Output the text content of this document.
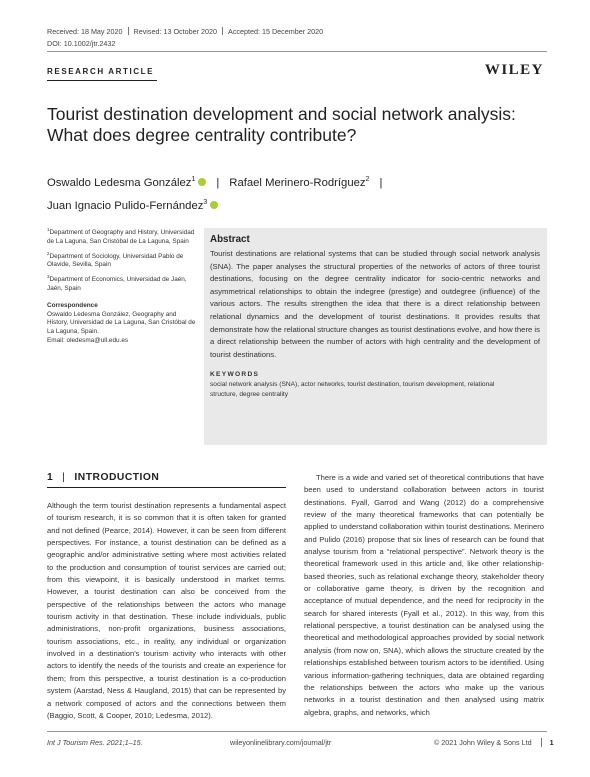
Received: 18 May 2020 Revised: 13 October 2020 Accepted: 15 December 2020
DOI: 10.1002/jtr.2432
RESEARCH ARTICLE	WILEY
Tourist destination development and social network analysis: What does degree centrality contribute?
Oswaldo Ledesma González$^1$ | Rafael Merinero-Rodríguez$^2$ |
Juan Ignacio Pulido-Fernández$^3$

$^1$Department of Geography and History, Universidad de La Laguna, San Cristóbal de La Laguna, Spain

$^2$Department of Sociology, Universidad Pablo de Olavide, Sevilla, Spain

$^3$Department of Economics, Universidad de Jaén, Jaén, Spain

Correspondence

Oswaldo Ledesma González, Geography and History, Universidad de La Laguna, San Cristóbal de La Laguna, Spain.
Email: oledesma@ull.edu.es

Abstract

Tourist destinations are relational systems that can be studied through social network analysis (SNA). The paper analyses the structural properties of the networks of actors of three tourist destinations, focusing on the degree centrality indicator for socio-centric networks and asymmetrical relationships to obtain the indegree (prestige) and outdegree (influence) of the various actors. The results strengthen the idea that there is a direct relationship between relational dynamics and the development of tourist destinations. It provides results that demonstrate how the relational structure changes as tourist destinations evolve, and how there is a direct relationship between the number of actors with high centrality and the development of tourist destinations.

KEYWORDS
social network analysis (SNA), actor networks, tourist destination, tourism development, relational structure, degree centrality
1 | INTRODUCTION

Although the term tourist destination represents a fundamental aspect of tourism research, it is so common that it is often taken for granted and not defined (Pearce, 2014). However, it can be seen from different perspectives. For instance, a tourist destination can be defined as a geographic and/or administrative setting where most activities related to the production and consumption of tourist services are carried out; from this viewpoint, it is basically understood in market terms. However, a tourist destination can also be conceived from the perspective of the relationships between the actors who manage tourism activity in that destination. These include individuals, public administrations, non-profit organizations, business associations, tourism associations, etc., in reality, any individual or organization involved in a destination's tourism activity who interacts with other actors to identify the needs of the tourists and create an experience for them; from this perspective, a tourist destination is a co-production system (Aarstad, Ness & Haugland, 2015) that can be represented by a network composed of actors and the connections between them (Baggio, Scott, & Cooper, 2010; Ledesma, 2012).

There is a wide and varied set of theoretical contributions that have been used to understand collaboration between actors in tourist destinations. Fyall, Garrod and Wang (2012) do a comprehensive review of the many theoretical frameworks that can potentially be applied to understand collaboration within tourist destinations. Merinero and Pulido (2016) propose that six lines of research can be found that analyse tourism from a “relational perspective”. Network theory is the theoretical framework used in this article and, like other relationship-based theories, such as relational exchange theory, stakeholder theory or collaborative game theory, is driven by the recognition and acceptance of mutual dependence, and the need for reciprocity in the search for shared interests (Fyall et al., 2012). In this way, from this relational perspective, a tourist destination can be analysed using the theoretical and methodological approaches provided by social network analysis (from now on, SNA), which allows the structure created by the relationships established between tourism actors to be identified. Using various information-gathering techniques, data are obtained regarding the relationships between the actors who make up the various networks in a tourist destination and then analysed using matrix algebra, graphs, and networks, which

Int J Tourism Res. 2021;1–15.	wileyonlinelibrary.com/journal/jtr	© 2021 John Wiley & Sons Ltd	1
